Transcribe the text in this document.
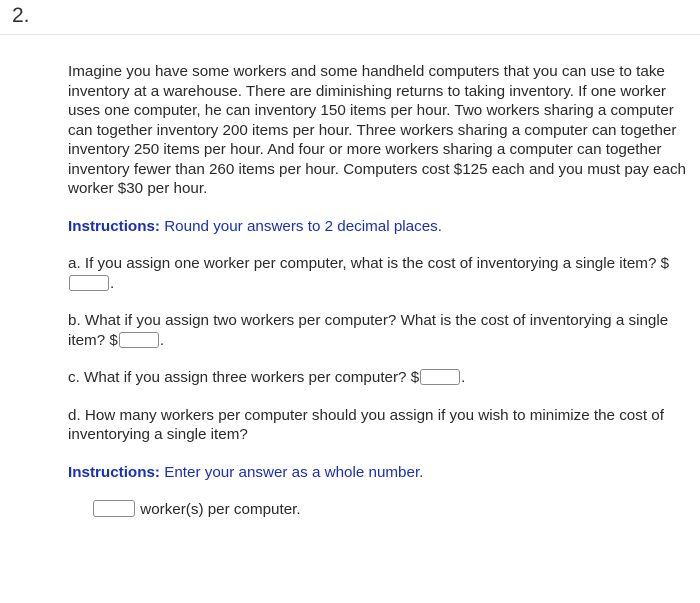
2.

Imagine you have some workers and some handheld computers that you can use to take inventory at a warehouse. There are diminishing returns to taking inventory. If one worker uses one computer, he can inventory 150 items per hour. Two workers sharing a computer can together inventory 200 items per hour. Three workers sharing a computer can together inventory 250 items per hour. And four or more workers sharing a computer can together inventory fewer than 260 items per hour. Computers cost $125 each and you must pay each worker $30 per hour.

Instructions: Round your answers to 2 decimal places.

a. If you assign one worker per computer, what is the cost of inventorying a single item? $ .

b. What if you assign two workers per computer? What is the cost of inventorying a single item? $	.

c. What if you assign three workers per computer? $	.

d. How many workers per computer should you assign if you wish to minimize the cost of inventorying a single item?

Instructions: Enter your answer as a whole number.

worker(s) per computer.
